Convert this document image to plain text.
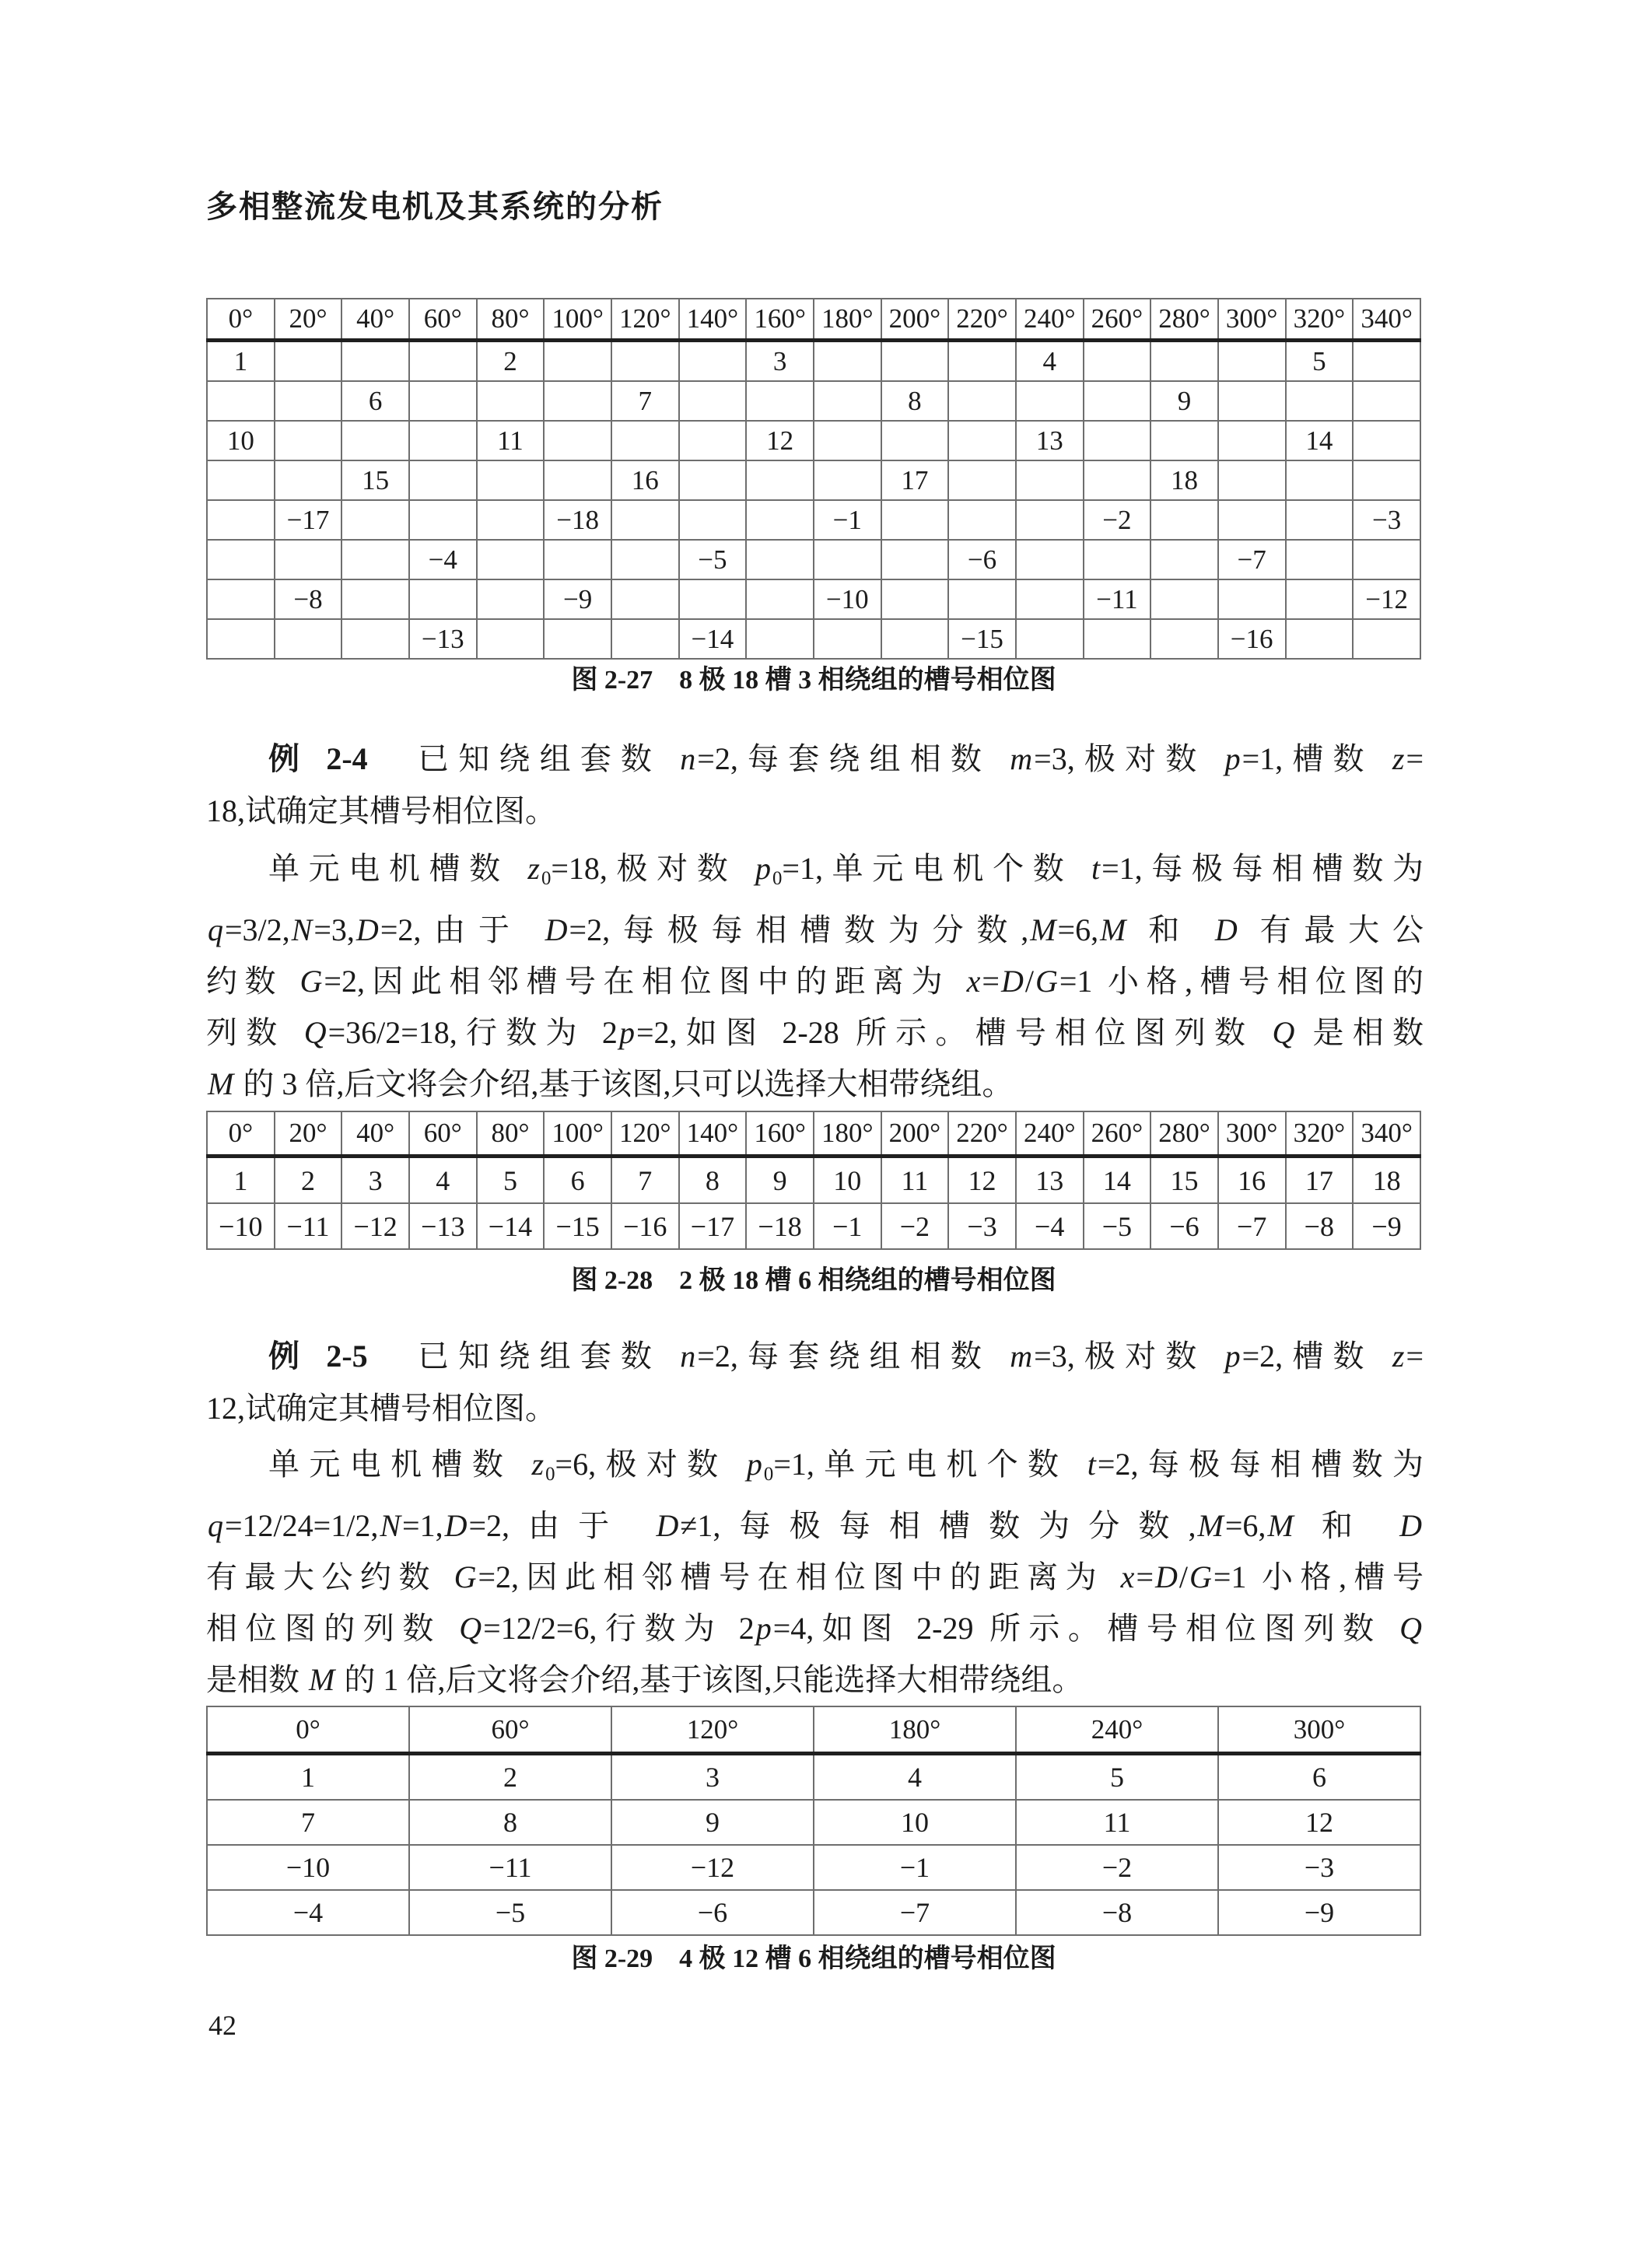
多相整流发电机及其系统的分析
0°	20°	40°	60°	80°	100°	120°	140°	160°	180°	200°	220°	240°	260°	280°	300°	320°	340°
1				2				3				4				5	
		6				7				8				9			
10				11				12				13				14	
		15				16				17				18			
	−17				−18				−1				−2				−3
			−4				−5				−6				−7		
	−8				−9				−10				−11				−12
			−13				−14				−15				−16		
图 2-27　8 极 18 槽 3 相绕组的槽号相位图
例 2-4　已知绕组套数 n=2,每套绕组相数 m=3,极对数 p=1,槽数 z=
18,试确定其槽号相位图。
单元电机槽数 $z_0=18$,极对数 $p_0=1$,单元电机个数 t=1,每极每相槽数为
q=3/2,N=3,D=2,由于 D=2,每极每相槽数为分数,M=6,M 和 D 有最大公
约数 G=2,因此相邻槽号在相位图中的距离为 x=D/G=1 小格,槽号相位图的
列数 Q=36/2=18,行数为 2p=2,如图 2-28 所示。槽号相位图列数 Q 是相数
M 的 3 倍,后文将会介绍,基于该图,只可以选择大相带绕组。
0°	20°	40°	60°	80°	100°	120°	140°	160°	180°	200°	220°	240°	260°	280°	300°	320°	340°
1	2	3	4	5	6	7	8	9	10	11	12	13	14	15	16	17	18
−10	−11	−12	−13	−14	−15	−16	−17	−18	−1	−2	−3	−4	−5	−6	−7	−8	−9
图 2-28　2 极 18 槽 6 相绕组的槽号相位图
例 2-5　已知绕组套数 n=2,每套绕组相数 m=3,极对数 p=2,槽数 z=
12,试确定其槽号相位图。
单元电机槽数 $z_0=6$,极对数 $p_0=1$,单元电机个数 t=2,每极每相槽数为
q=12/24=1/2,N=1,D=2,由于 D≠1,每极每相槽数为分数,M=6,M 和 D
有最大公约数 G=2,因此相邻槽号在相位图中的距离为 x=D/G=1 小格,槽号
相位图的列数 Q=12/2=6,行数为 2p=4,如图 2-29 所示。槽号相位图列数 Q
是相数 M 的 1 倍,后文将会介绍,基于该图,只能选择大相带绕组。
0°	60°	120°	180°	240°	300°
1	2	3	4	5	6
7	8	9	10	11	12
−10	−11	−12	−1	−2	−3
−4	−5	−6	−7	−8	−9
图 2-29　4 极 12 槽 6 相绕组的槽号相位图
42
